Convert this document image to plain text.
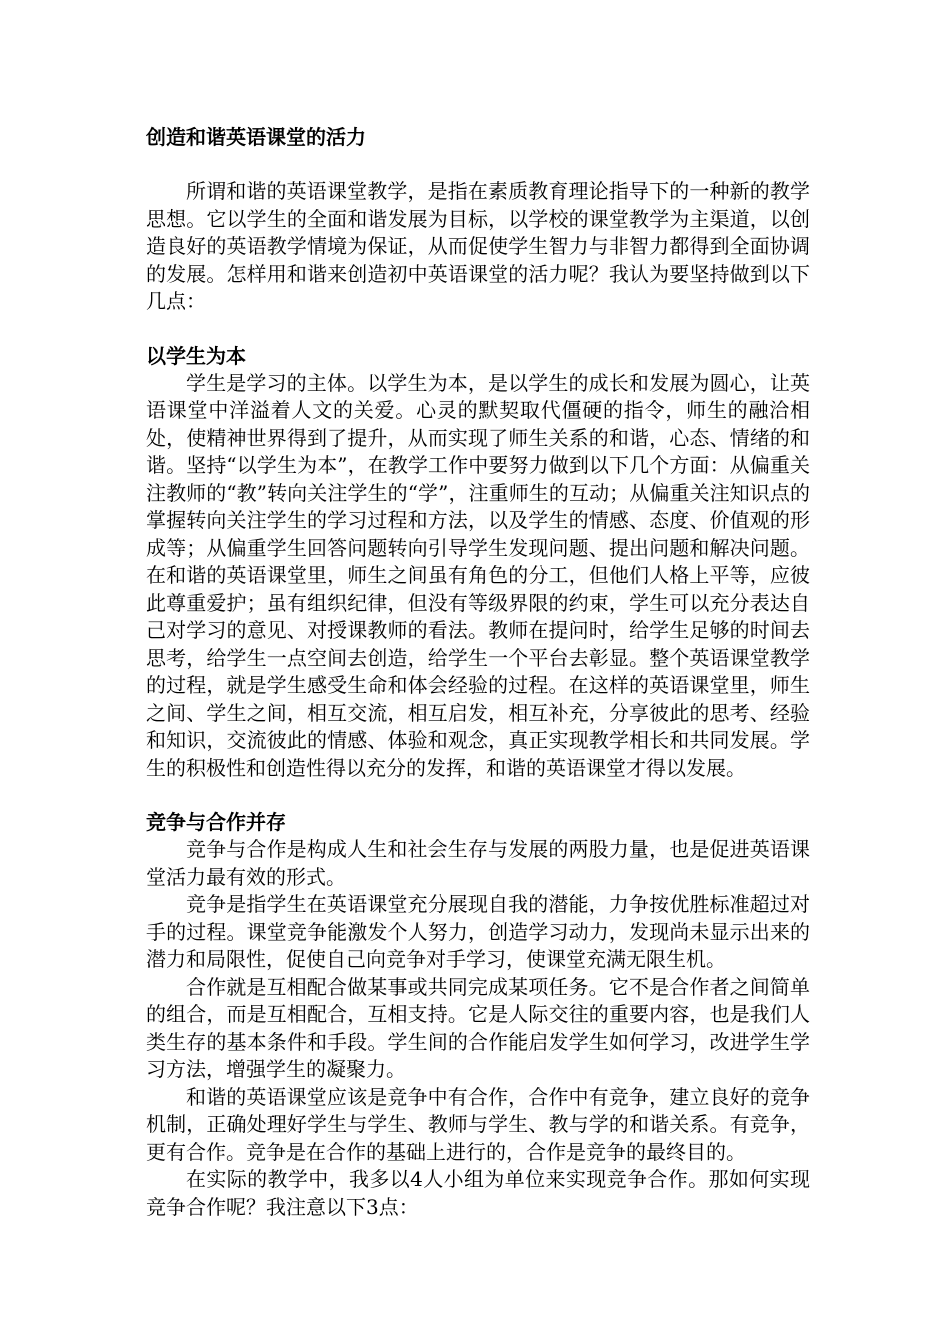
创造和谐英语课堂的活力

所谓和谐的英语课堂教学，是指在素质教育理论指导下的一种新的教学思想。它以学生的全面和谐发展为目标，以学校的课堂教学为主渠道，以创造良好的英语教学情境为保证，从而促使学生智力与非智力都得到全面协调的发展。怎样用和谐来创造初中英语课堂的活力呢？我认为要坚持做到以下几点：

以学生为本

学生是学习的主体。以学生为本，是以学生的成长和发展为圆心，让英语课堂中洋溢着人文的关爱。心灵的默契取代僵硬的指令，师生的融洽相处，使精神世界得到了提升，从而实现了师生关系的和谐，心态、情绪的和谐。坚持“以学生为本”，在教学工作中要努力做到以下几个方面：从偏重关注教师的“教”转向关注学生的“学”，注重师生的互动；从偏重关注知识点的掌握转向关注学生的学习过程和方法，以及学生的情感、态度、价值观的形成等；从偏重学生回答问题转向引导学生发现问题、提出问题和解决问题。在和谐的英语课堂里，师生之间虽有角色的分工，但他们人格上平等，应彼此尊重爱护；虽有组织纪律，但没有等级界限的约束，学生可以充分表达自己对学习的意见、对授课教师的看法。教师在提问时，给学生足够的时间去思考，给学生一点空间去创造，给学生一个平台去彰显。整个英语课堂教学的过程，就是学生感受生命和体会经验的过程。在这样的英语课堂里，师生之间、学生之间，相互交流，相互启发，相互补充，分享彼此的思考、经验和知识，交流彼此的情感、体验和观念，真正实现教学相长和共同发展。学生的积极性和创造性得以充分的发挥，和谐的英语课堂才得以发展。

竞争与合作并存

竞争与合作是构成人生和社会生存与发展的两股力量，也是促进英语课堂活力最有效的形式。

竞争是指学生在英语课堂充分展现自我的潜能，力争按优胜标准超过对手的过程。课堂竞争能激发个人努力，创造学习动力，发现尚未显示出来的潜力和局限性，促使自己向竞争对手学习，使课堂充满无限生机。

合作就是互相配合做某事或共同完成某项任务。它不是合作者之间简单的组合，而是互相配合，互相支持。它是人际交往的重要内容，也是我们人类生存的基本条件和手段。学生间的合作能启发学生如何学习，改进学生学习方法，增强学生的凝聚力。

和谐的英语课堂应该是竞争中有合作，合作中有竞争，建立良好的竞争机制，正确处理好学生与学生、教师与学生、教与学的和谐关系。有竞争，更有合作。竞争是在合作的基础上进行的，合作是竞争的最终目的。

在实际的教学中，我多以4人小组为单位来实现竞争合作。那如何实现竞争合作呢？我注意以下3点：
